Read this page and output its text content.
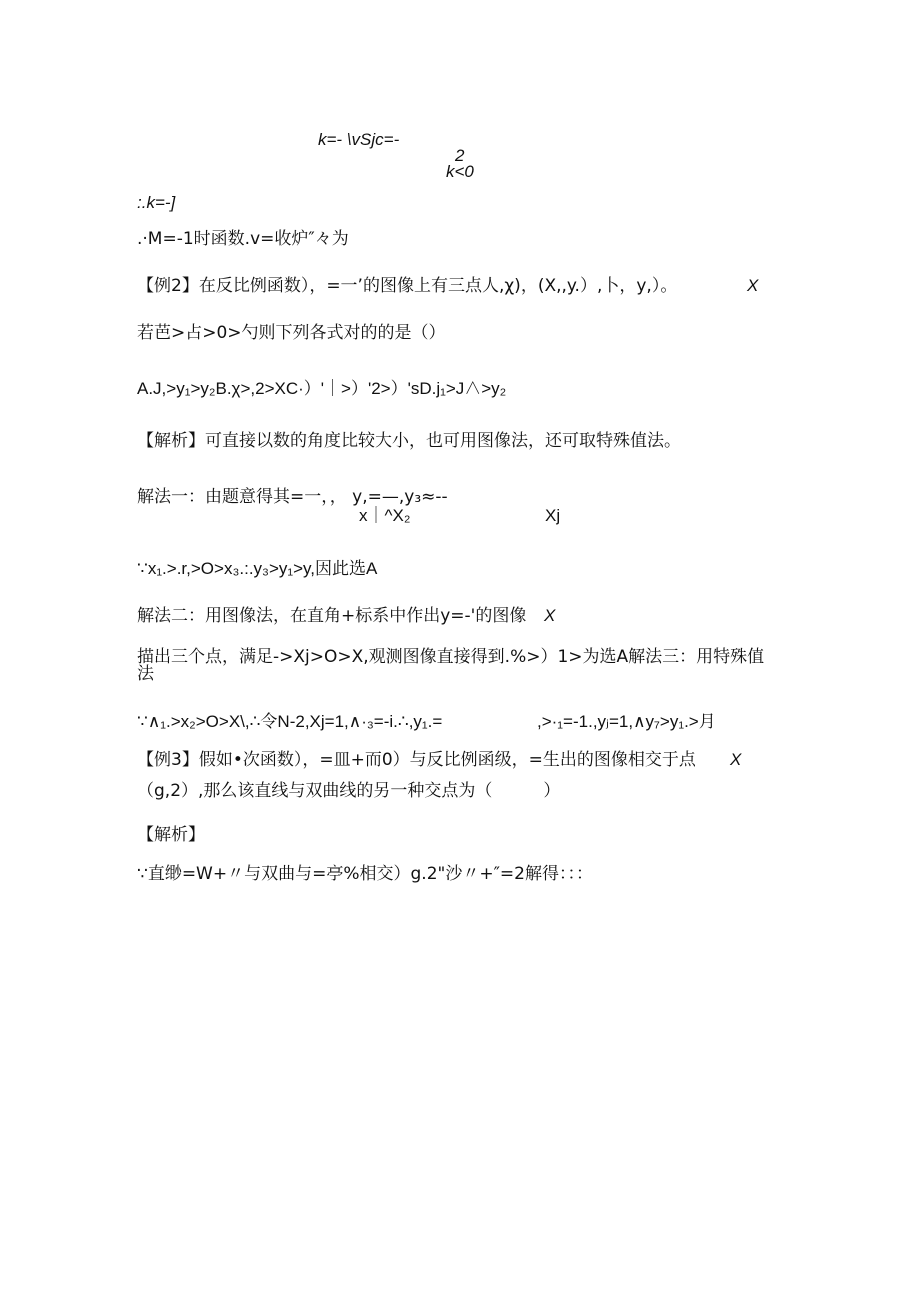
k=- \vSjc=-
2
k<0
:.k=-]
.·M=-1时函数.v=收炉″々为
【例2】在反比例函数），=一’的图像上有三点人,χ)，(X,,y.）,卜，y,）。	X
若芭>占>0>勺则下列各式对的的是（）
A.J,>y₁>y₂B.χ>,2>XC·）'｜>）'2>）'sD.j₁>J∧>y₂
【解析】可直接以数的角度比较大小，也可用图像法，还可取特殊值法。
解法一：由题意得其=一，， y,=—,y₃≈--
x｜^X₂	Xj
∵x₁.>.r,>O>x₃.:.y₃>y₁>y,因此选A
解法二：用图像法，在直角+标系中作出y=-'的图像 X
描出三个点，满足->Xj>O>X,观测图像直接得到.%>）1>为选A解法三：用特殊值
法
∵∧₁.>x₂>O>X\,∴令N-2,Xj=1,∧·₃=-i.∴,y₁.=	,>·₁=-1.,yⱼ=1,∧y₇>y₁.>月
【例3】假如•次函数），=皿+而0）与反比例函级，=生出的图像相交于点 X
（g,2）,那么该直线与双曲线的另一种交点为（　　　）
【解析】
∵直缈=W+〃与双曲与=亭%相交）g.2"沙〃+″=2解得：：：
